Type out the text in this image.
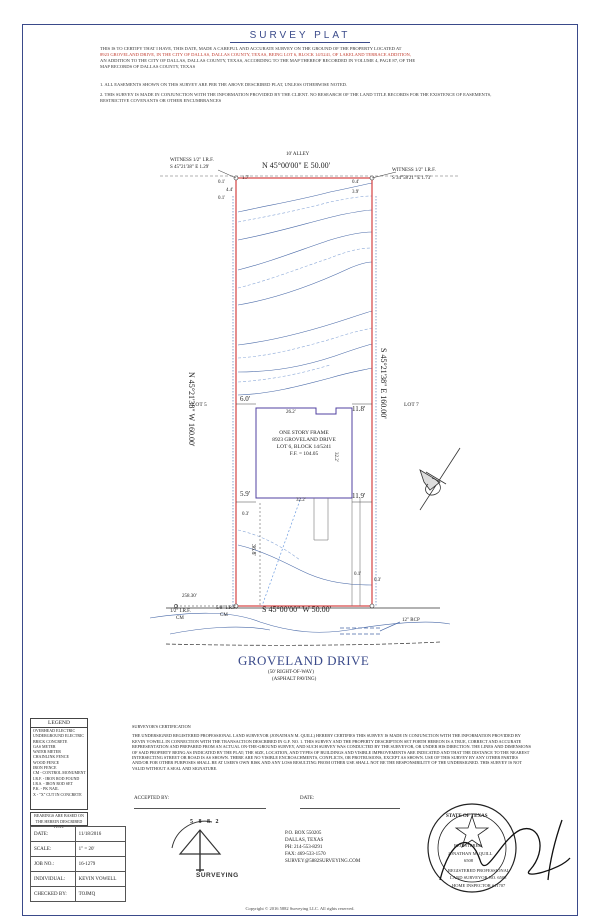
SURVEY PLAT
THIS IS TO CERTIFY THAT I HAVE, THIS DATE, MADE A CAREFUL AND ACCURATE SURVEY ON THE GROUND OF THE PROPERTY LOCATED AT
8923 GROVELAND DRIVE, IN THE CITY OF DALLAS, DALLAS COUNTY, TEXAS, BEING LOT 6, BLOCK 14/5241, OF LAKELAND TERRACE ADDITION,
AN ADDITION TO THE CITY OF DALLAS, DALLAS COUNTY, TEXAS, ACCORDING TO THE MAP THEREOF RECORDED IN VOLUME 4, PAGE 87, OF THE
MAP RECORDS OF DALLAS COUNTY, TEXAS
1. ALL EASEMENTS SHOWN ON THIS SURVEY ARE PER THE ABOVE DESCRIBED PLAT, UNLESS OTHERWISE NOTED.
2. THIS SURVEY IS MADE IN CONJUNCTION WITH THE INFORMATION PROVIDED BY THE CLIENT. NO RESEARCH OF THE LAND TITLE RECORDS FOR THE EXISTENCE OF EASEMENTS, RESTRICTIVE COVENANTS OR OTHER ENCUMBRANCES
10' ALLEY
N 45°00'00" E 50.00'
WITNESS 1/2" I.R.F.
S 45°21'38" E 1.29'
WITNESS 1/2" I.R.F.
S 34°58'21" E 1.73'
1.7'
0.1'
4.4'
0.1'
0.4'
3.9'
N 45°21'38" W 160.00'	S 45°21'38" E 160.00'
LOT 5	LOT 7
6.0'
11.8'
26.2'
32.2'
ONE STORY FRAME
8923 GROVELAND DRIVE
LOT 6, BLOCK 14/5241
F.F. = 104.05
5.9'	11.9'
32.2'
0.3'
36.8'
0.3'
0.1'
258.30'
1/2" I.R.F.
CM
5/8" I.R.F.
CM
S 45°00'00" W 50.00'
12" RCP
GROVELAND DRIVE
(50' RIGHT-OF-WAY)
(ASPHALT PAVING)
LEGEND
OVERHEAD ELECTRIC
UNDERGROUND ELECTRIC
BRICK CONCRETE
GAS METER
WATER METER
CHAINLINK FENCE
WOOD FENCE
IRON FENCE
CM - CONTROL MONUMENT
I.R.F. - IRON ROD FOUND
I.R.S. - IRON ROD SET
P.K. - PK NAIL
X - "X" CUT IN CONCRETE
BEARINGS ARE BASED ON THE HEREIN DESCRIBED PLAT.
DATE:	11/18/2016
SCALE:	1" = 20'
JOB NO.:	16-1279
INDIVIDUAL:	KEVIN VOWELL
CHECKED BY:	TOJMQ
SURVEYOR'S CERTIFICATION
THE UNDERSIGNED REGISTERED PROFESSIONAL LAND SURVEYOR (JONATHAN M. QUILL) HEREBY CERTIFIES THIS SURVEY IS MADE IN CONJUNCTION WITH THE INFORMATION PROVIDED BY KEVIN VOWELL IN CONNECTION WITH THE TRANSACTION DESCRIBED IN G.F. NO. 1. THIS SURVEY AND THE PROPERTY DESCRIPTION SET FORTH HEREON IS A TRUE, CORRECT AND ACCURATE REPRESENTATION AND PREPARED FROM AN ACTUAL ON-THE-GROUND SURVEY, AND SUCH SURVEY WAS CONDUCTED BY THE SURVEYOR, OR UNDER HIS DIRECTION. THE LINES AND DIMENSIONS OF SAID PROPERTY BEING AS INDICATED BY THE PLAT; THE SIZE, LOCATION, AND TYPES OF BUILDINGS AND VISIBLE IMPROVEMENTS ARE INDICATED AND THAT THE DISTANCE TO THE NEAREST INTERSECTING STREET OR ROAD IS AS SHOWN. THERE ARE NO VISIBLE ENCROACHMENTS, CONFLICTS, OR PROTRUSIONS, EXCEPT AS SHOWN. USE OF THIS SURVEY BY ANY OTHER PARTIES AND/OR FOR OTHER PURPOSES SHALL BE AT USER'S OWN RISK AND ANY LOSS RESULTING FROM OTHER USE SHALL NOT BE THE RESPONSIBILITY OF THE UNDERSIGNED. THIS SURVEY IS NOT VALID WITHOUT A SEAL AND SIGNATURE.
ACCEPTED BY:	DATE:
5 8 8 2
SURVEYING
P.O. BOX 550205
DALLAS, TEXAS
PH: 214-553-8291
FAX: 469-533-1570
SURVEY@5882SURVEYING.COM
Copyright © 2016 5882 Surveying LLC. All rights reserved.
STATE OF TEXAS
REGISTERED
JONATHAN M. QUILL
6508
REGISTERED PROFESSIONAL
LAND SURVEYOR NO. 6508
HOME INSPECTOR #11707
